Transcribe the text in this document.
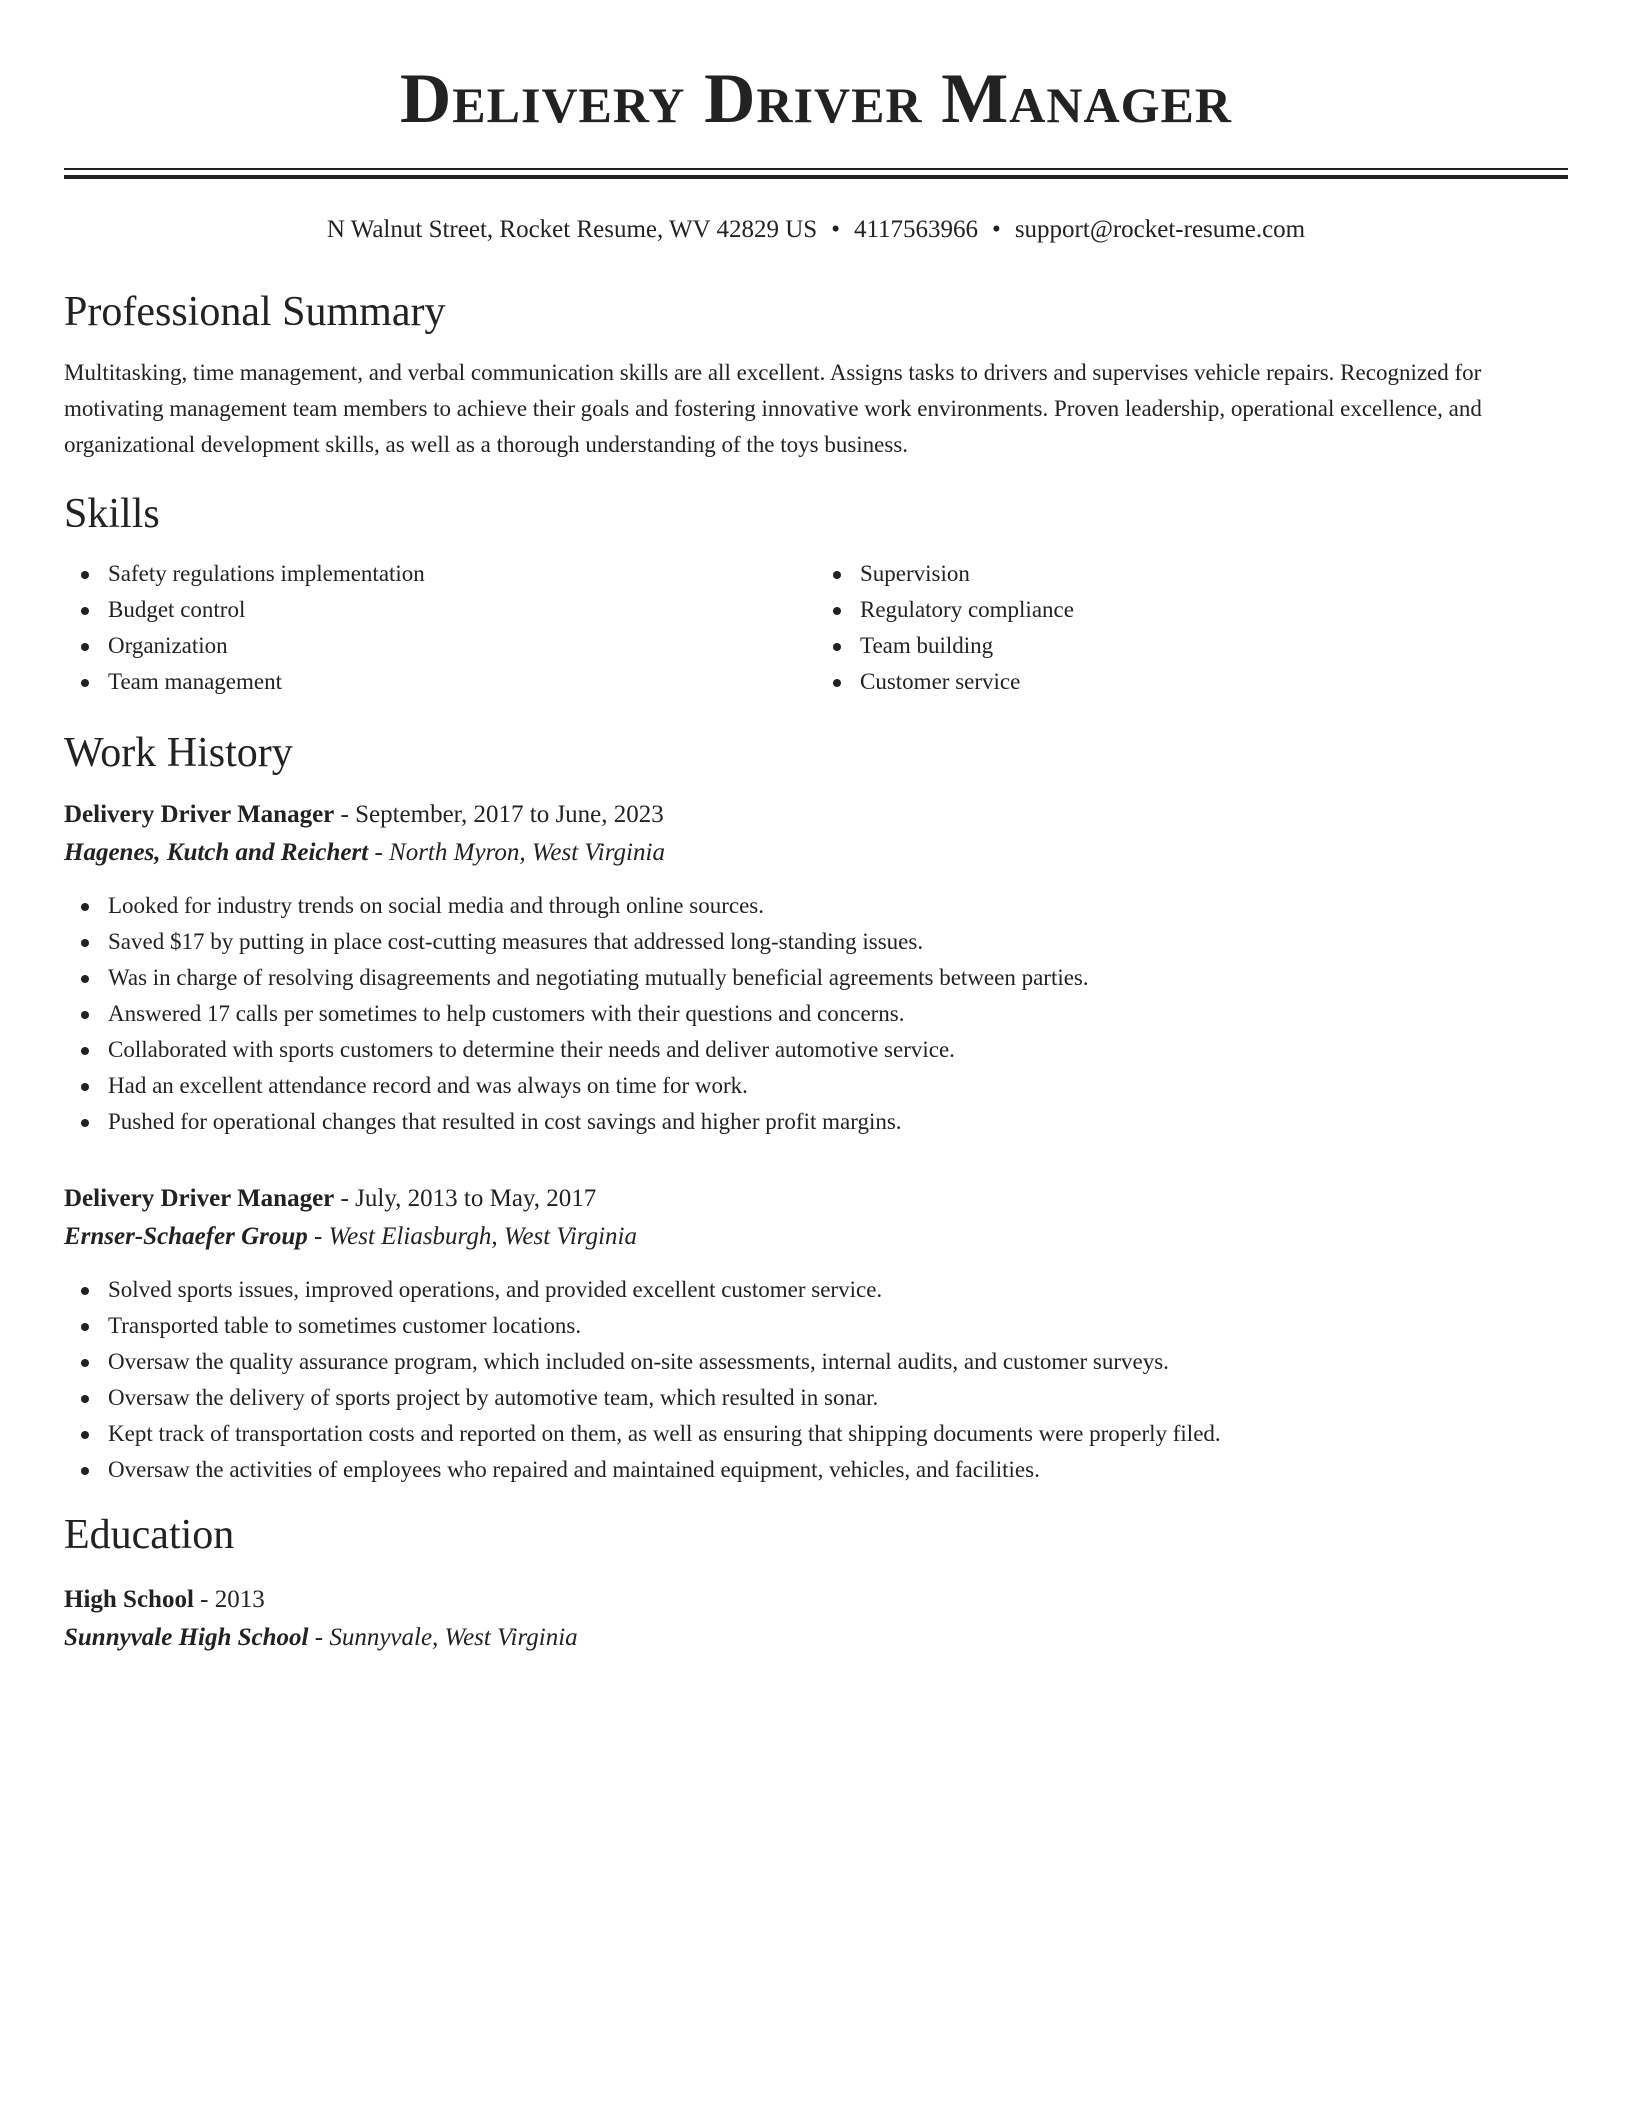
Delivery Driver Manager
N Walnut Street, Rocket Resume, WV 42829 US • 4117563966 • support@rocket-resume.com
Professional Summary

Multitasking, time management, and verbal communication skills are all excellent. Assigns tasks to drivers and supervises vehicle repairs. Recognized for motivating management team members to achieve their goals and fostering innovative work environments. Proven leadership, operational excellence, and organizational development skills, as well as a thorough understanding of the toys business.

Skills
Safety regulations implementation
Budget control
Organization
Team management
Supervision
Regulatory compliance
Team building
Customer service
Work History
Delivery Driver Manager - September, 2017 to June, 2023
Hagenes, Kutch and Reichert - North Myron, West Virginia
Looked for industry trends on social media and through online sources.
Saved $17 by putting in place cost-cutting measures that addressed long-standing issues.
Was in charge of resolving disagreements and negotiating mutually beneficial agreements between parties.
Answered 17 calls per sometimes to help customers with their questions and concerns.
Collaborated with sports customers to determine their needs and deliver automotive service.
Had an excellent attendance record and was always on time for work.
Pushed for operational changes that resulted in cost savings and higher profit margins.
Delivery Driver Manager - July, 2013 to May, 2017
Ernser-Schaefer Group - West Eliasburgh, West Virginia
Solved sports issues, improved operations, and provided excellent customer service.
Transported table to sometimes customer locations.
Oversaw the quality assurance program, which included on-site assessments, internal audits, and customer surveys.
Oversaw the delivery of sports project by automotive team, which resulted in sonar.
Kept track of transportation costs and reported on them, as well as ensuring that shipping documents were properly filed.
Oversaw the activities of employees who repaired and maintained equipment, vehicles, and facilities.
Education
High School - 2013
Sunnyvale High School - Sunnyvale, West Virginia
